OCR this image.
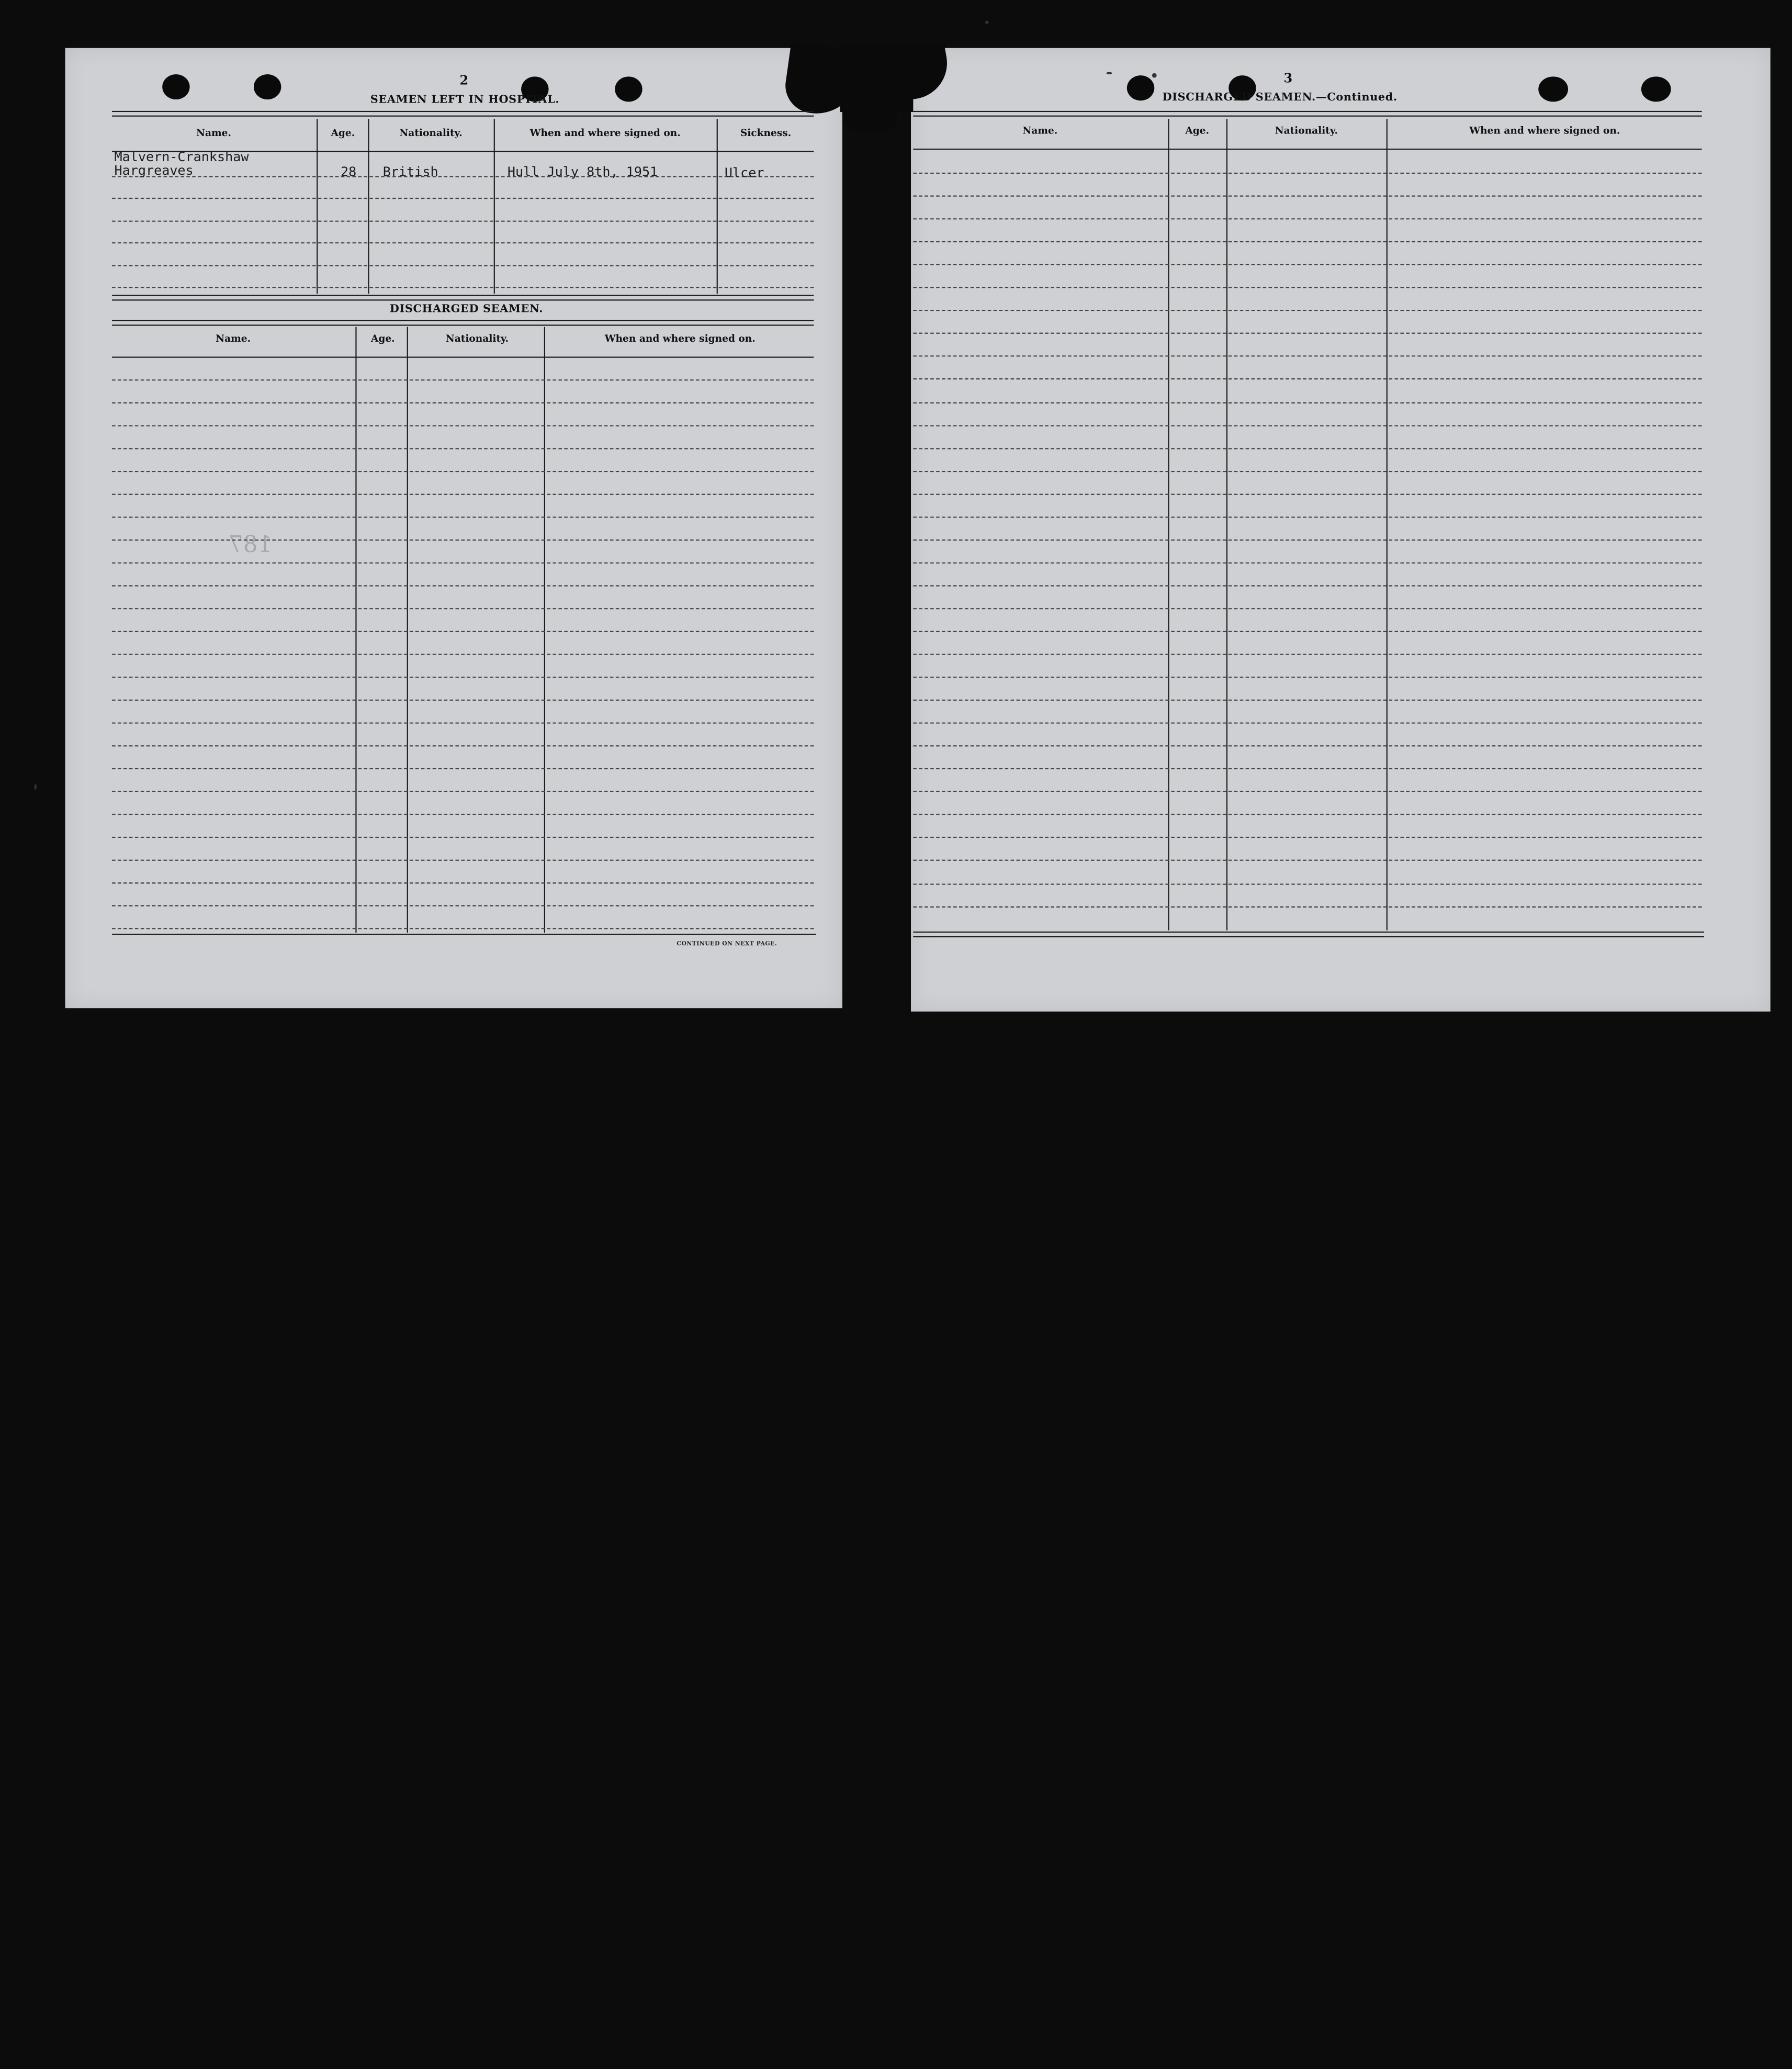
2
SEAMEN LEFT IN HOSPITAL.
Name.	Age.	Nationality.	When and where signed on.	Sickness.
Malvern-Crankshaw
Hargreaves	28	British	Hull July 8th, 1951	Ulcer
DISCHARGED SEAMEN.
Name.	Age.	Nationality.	When and where signed on.
187
CONTINUED ON NEXT PAGE.
3
DISCHARGED SEAMEN.—Continued.
Name.	Age.	Nationality.	When and where signed on.
